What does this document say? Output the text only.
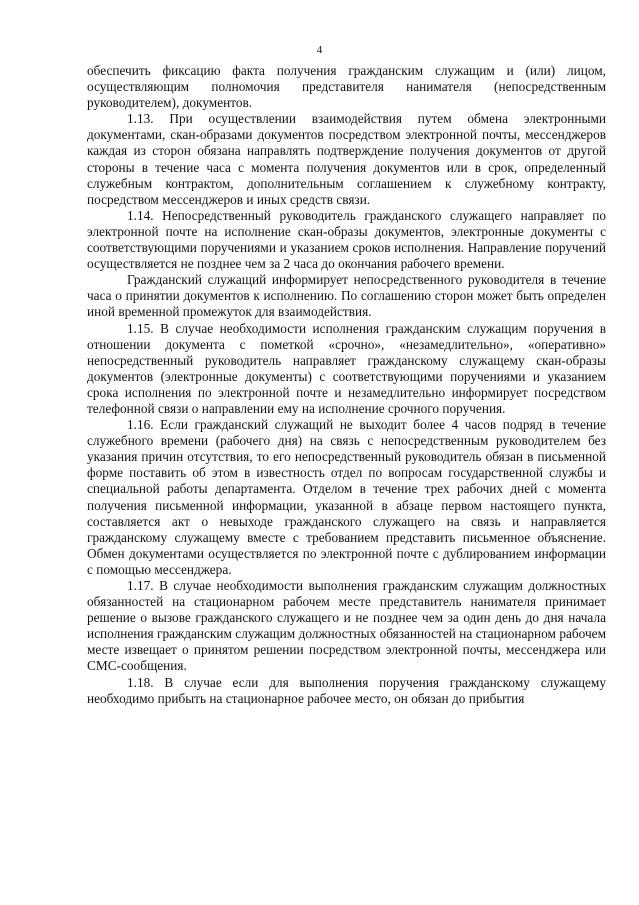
4

обеспечить фиксацию факта получения гражданским служащим и (или) лицом, осуществляющим полномочия представителя нанимателя (непосредственным руководителем), документов.

1.13. При осуществлении взаимодействия путем обмена электронными документами, скан-образами документов посредством электронной почты, мессенджеров каждая из сторон обязана направлять подтверждение получения документов от другой стороны в течение часа с момента получения документов или в срок, определенный служебным контрактом, дополнительным соглашением к служебному контракту, посредством мессенджеров и иных средств связи.

1.14. Непосредственный руководитель гражданского служащего направляет по электронной почте на исполнение скан-образы документов, электронные документы с соответствующими поручениями и указанием сроков исполнения. Направление поручений осуществляется не позднее чем за 2 часа до окончания рабочего времени.

Гражданский служащий информирует непосредственного руководителя в течение часа о принятии документов к исполнению. По соглашению сторон может быть определен иной временной промежуток для взаимодействия.

1.15. В случае необходимости исполнения гражданским служащим поручения в отношении документа с пометкой «срочно», «незамедлительно», «оперативно» непосредственный руководитель направляет гражданскому служащему скан-образы документов (электронные документы) с соответствующими поручениями и указанием срока исполнения по электронной почте и незамедлительно информирует посредством телефонной связи о направлении ему на исполнение срочного поручения.

1.16. Если гражданский служащий не выходит более 4 часов подряд в течение служебного времени (рабочего дня) на связь с непосредственным руководителем без указания причин отсутствия, то его непосредственный руководитель обязан в письменной форме поставить об этом в известность отдел по вопросам государственной службы и специальной работы департамента. Отделом в течение трех рабочих дней с момента получения письменной информации, указанной в абзаце первом настоящего пункта, составляется акт о невыходе гражданского служащего на связь и направляется гражданскому служащему вместе с требованием представить письменное объяснение. Обмен документами осуществляется по электронной почте с дублированием информации с помощью мессенджера.

1.17. В случае необходимости выполнения гражданским служащим должностных обязанностей на стационарном рабочем месте представитель нанимателя принимает решение о вызове гражданского служащего и не позднее чем за один день до дня начала исполнения гражданским служащим должностных обязанностей на стационарном рабочем месте извещает о принятом решении посредством электронной почты, мессенджера или СМС-сообщения.

1.18. В случае если для выполнения поручения гражданскому служащему необходимо прибыть на стационарное рабочее место, он обязан до прибытия
